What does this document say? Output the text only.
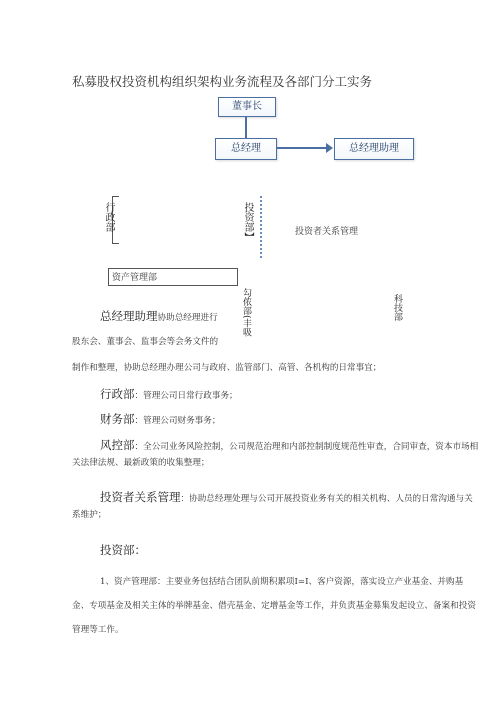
私募股权投资机构组织架构业务流程及各部门分工实务
董事长
总经理	总经理助理
行政部	投资部】	投资者关系管理
资产管理部
勾侬部(丰吸	科技部
总经理助理协助总经理进行
股东会、董事会、监事会等会务文件的
制作和整理，协助总经理办理公司与政府、监管部门、高管、各机构的日常事宜；
行政部：管理公司日常行政事务；
财务部：管理公司财务事务；
风控部：全公司业务风险控制，公司规范治理和内部控制制度规范性审查，合同审查，资本市场相关法律法规、最新政策的收集整理；
投资者关系管理：协助总经理处理与公司开展投资业务有关的相关机构、人员的日常沟通与关系维护；
投资部：
1、资产管理部：主要业务包括结合团队前期积累项Ⅰ=Ⅰ、客户资源，落实设立产业基金、并购基金、专项基金及相关主体的举牌基金、借壳基金、定增基金等工作，并负责基金募集发起设立、备案和投资管理等工作。
